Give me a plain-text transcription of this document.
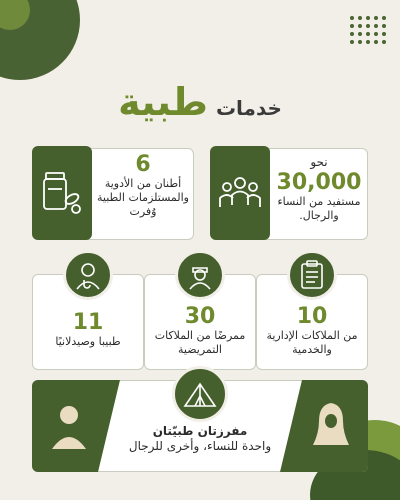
خدمات
طبية
نحو
30,000
مستفيد من النساء والرجال.
6
أطنان من الأدوية والمستلزمات الطبية وُفرت
10
من الملاكات الإدارية والخدمية
30
ممرضًا من الملاكات التمريضية
11
طبيبا وصيدلانيًا
مفرزتان طبيّتان
واحدة للنساء، وأخرى للرجال
